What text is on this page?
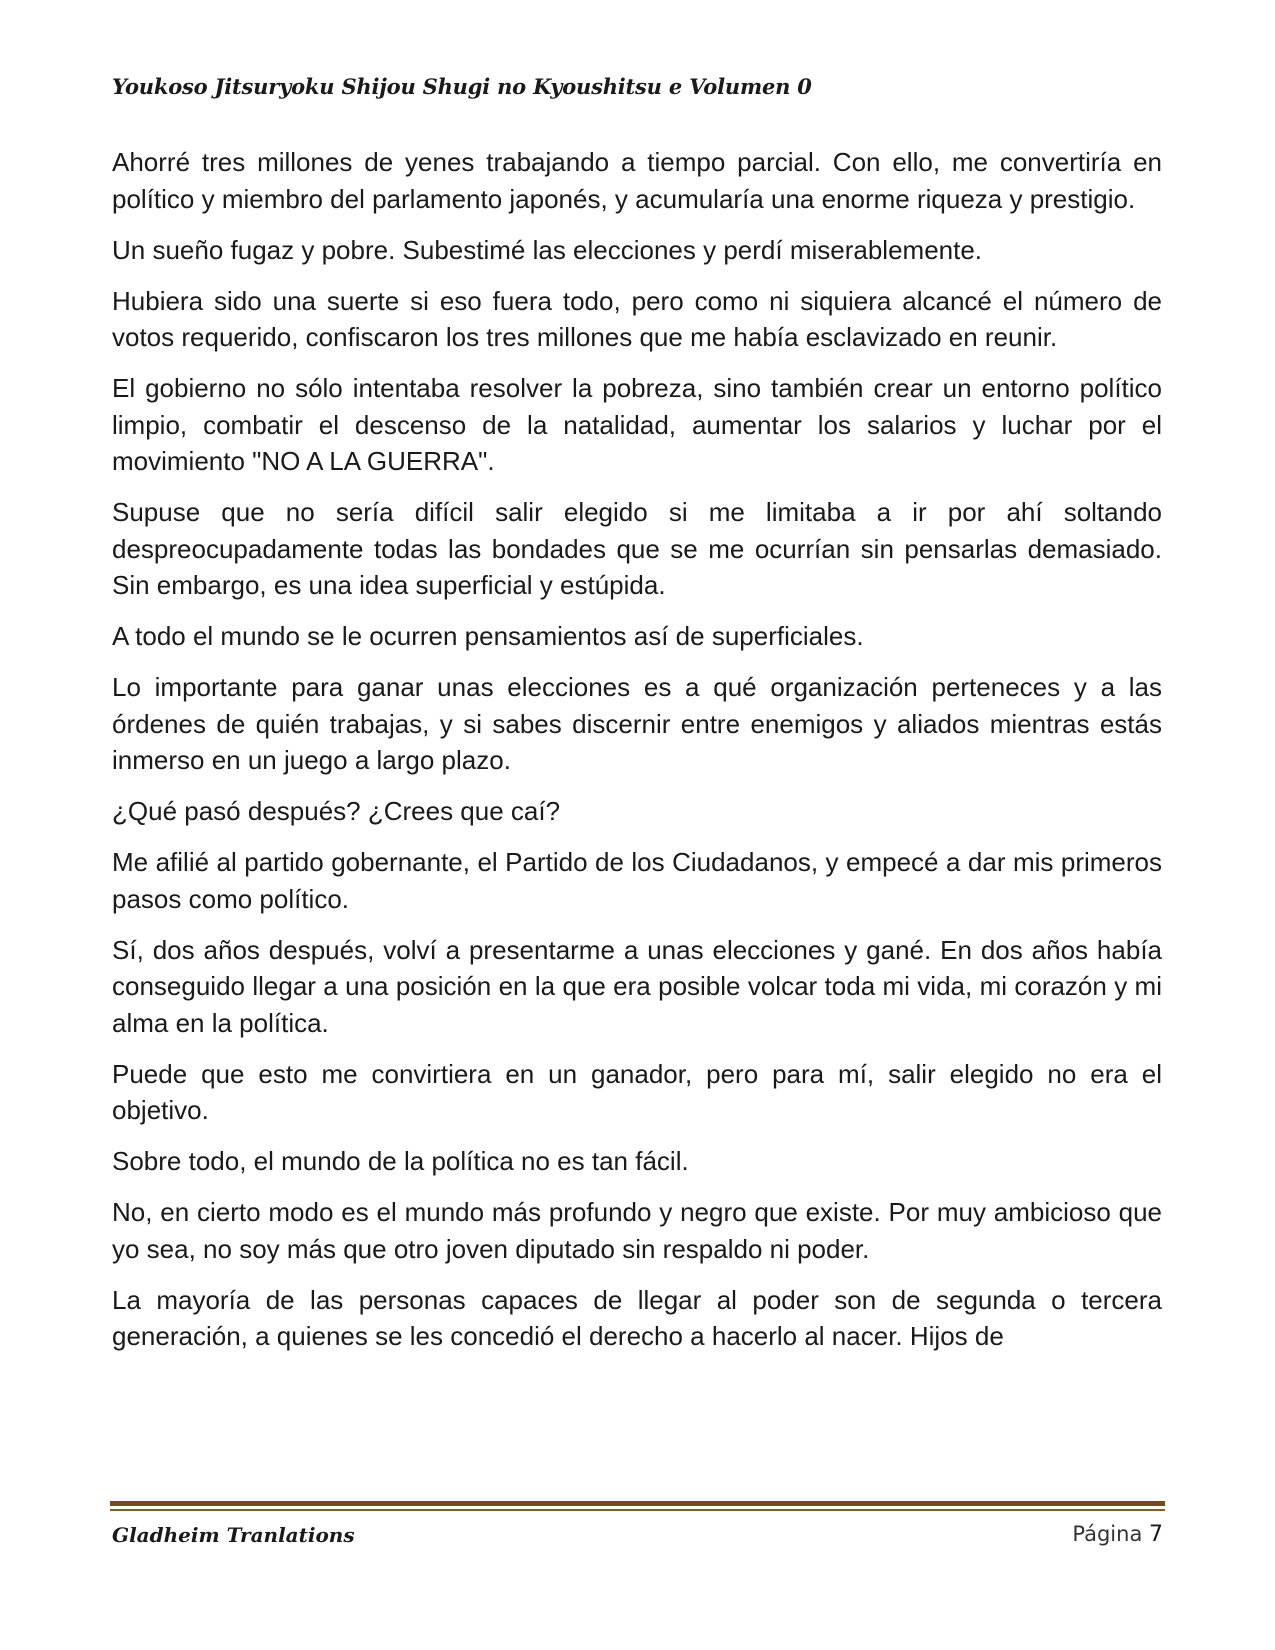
Youkoso Jitsuryoku Shijou Shugi no Kyoushitsu e Volumen 0

Ahorré tres millones de yenes trabajando a tiempo parcial. Con ello, me convertiría en político y miembro del parlamento japonés, y acumularía una enorme riqueza y prestigio.

Un sueño fugaz y pobre. Subestimé las elecciones y perdí miserablemente.

Hubiera sido una suerte si eso fuera todo, pero como ni siquiera alcancé el número de votos requerido, confiscaron los tres millones que me había esclavizado en reunir.

El gobierno no sólo intentaba resolver la pobreza, sino también crear un entorno político limpio, combatir el descenso de la natalidad, aumentar los salarios y luchar por el movimiento "NO A LA GUERRA".

Supuse que no sería difícil salir elegido si me limitaba a ir por ahí soltando despreocupadamente todas las bondades que se me ocurrían sin pensarlas demasiado. Sin embargo, es una idea superficial y estúpida.

A todo el mundo se le ocurren pensamientos así de superficiales.

Lo importante para ganar unas elecciones es a qué organización perteneces y a las órdenes de quién trabajas, y si sabes discernir entre enemigos y aliados mientras estás inmerso en un juego a largo plazo.

¿Qué pasó después? ¿Crees que caí?

Me afilié al partido gobernante, el Partido de los Ciudadanos, y empecé a dar mis primeros pasos como político.

Sí, dos años después, volví a presentarme a unas elecciones y gané. En dos años había conseguido llegar a una posición en la que era posible volcar toda mi vida, mi corazón y mi alma en la política.

Puede que esto me convirtiera en un ganador, pero para mí, salir elegido no era el objetivo.

Sobre todo, el mundo de la política no es tan fácil.

No, en cierto modo es el mundo más profundo y negro que existe. Por muy ambicioso que yo sea, no soy más que otro joven diputado sin respaldo ni poder.

La mayoría de las personas capaces de llegar al poder son de segunda o tercera generación, a quienes se les concedió el derecho a hacerlo al nacer. Hijos de

Gladheim Tranlations	Página 7
